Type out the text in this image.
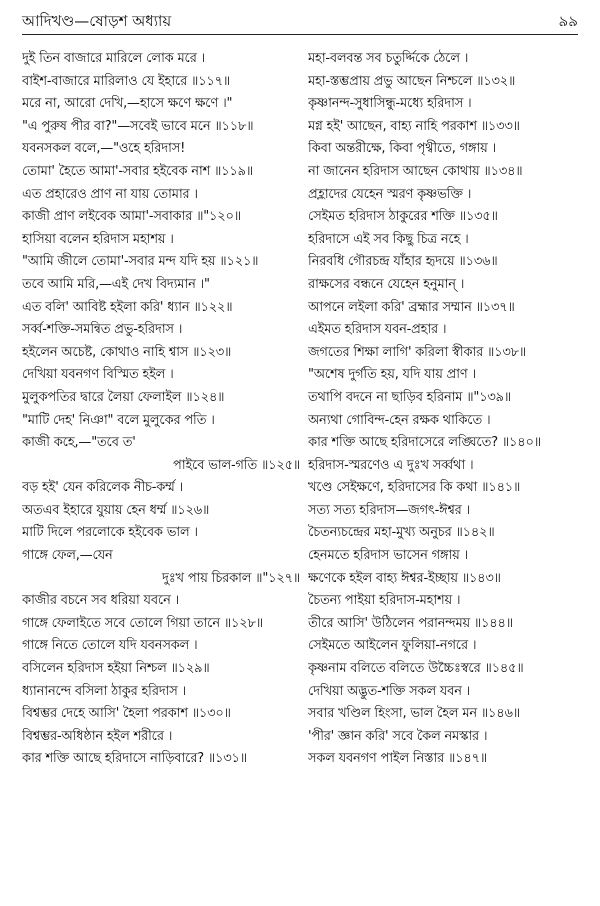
আদিখণ্ড—ষোড়শ অধ্যায়	৯৯
দুই তিন বাজারে মারিলে লোক মরে ।
বাইশ-বাজারে মারিলাও যে ইহারে ॥১১৭॥
মরে না, আরো দেখি,—হাসে ক্ষণে ক্ষণে ।"
"এ পুরুষ পীর বা?"—সবেই ভাবে মনে ॥১১৮॥
যবনসকল বলে,—"ওহে হরিদাস!
তোমা' হৈতে আমা'-সবার হইবেক নাশ ॥১১৯॥
এত প্রহারেও প্রাণ না যায় তোমার ।
কাজী প্রাণ লইবেক আমা'-সবাকার ॥"১২০॥
হাসিয়া বলেন হরিদাস মহাশয় ।
"আমি জীলে তোমা'-সবার মন্দ যদি হয় ॥১২১॥
তবে আমি মরি,—এই দেখ বিদ্যমান ।"
এত বলি' আবিষ্ট হইলা করি' ধ্যান ॥১২২॥
সর্ব্ব-শক্তি-সমন্বিত প্রভু-হরিদাস ।
হইলেন অচেষ্ট, কোথাও নাহি শ্বাস ॥১২৩॥
দেখিয়া যবনগণ বিস্মিত হইল ।
মুলুকপতির দ্বারে লৈয়া ফেলাইল ॥১২৪॥
"মাটি দেহ' নিঞা" বলে মুলুকের পতি ।
কাজী কহে,—"তবে ত'
পাইবে ভাল-গতি ॥১২৫॥
বড় হই' যেন করিলেক নীচ-কর্ম্ম ।
অতএব ইহারে যুয়ায় হেন ধর্ম্ম ॥১২৬॥
মাটি দিলে পরলোকে হইবেক ভাল ।
গাঙ্গে ফেল,—যেন
দুঃখ পায় চিরকাল ॥"১২৭॥
কাজীর বচনে সব ধরিয়া যবনে ।
গাঙ্গে ফেলাইতে সবে তোলে গিয়া তানে ॥১২৮॥
গাঙ্গে নিতে তোলে যদি যবনসকল ।
বসিলেন হরিদাস হইয়া নিশ্চল ॥১২৯॥
ধ্যানানন্দে বসিলা ঠাকুর হরিদাস ।
বিশ্বম্ভর দেহে আসি' হৈলা পরকাশ ॥১৩০॥
বিশ্বম্ভর-অধিষ্ঠান হইল শরীরে ।
কার শক্তি আছে হরিদাসে নাড়িবারে? ॥১৩১॥
মহা-বলবন্ত সব চতুর্দ্দিকে ঠেলে ।
মহা-স্তম্ভপ্রায় প্রভু আছেন নিশ্চলে ॥১৩২॥
কৃষ্ণানন্দ-সুধাসিন্ধু-মধ্যে হরিদাস ।
মগ্ন হই' আছেন, বাহ্য নাহি পরকাশ ॥১৩৩॥
কিবা অন্তরীক্ষে, কিবা পৃথ্বীতে, গঙ্গায় ।
না জানেন হরিদাস আছেন কোথায় ॥১৩৪॥
প্রহ্লাদের যেহেন স্মরণ কৃষ্ণভক্তি ।
সেইমত হরিদাস ঠাকুরের শক্তি ॥১৩৫॥
হরিদাসে এই সব কিছু চিত্র নহে ।
নিরবধি গৌরচন্দ্র যাঁহার হৃদয়ে ॥১৩৬॥
রাক্ষসের বন্ধনে যেহেন হনুমান্ ।
আপনে লইলা করি' ব্রহ্মার সম্মান ॥১৩৭॥
এইমত হরিদাস যবন-প্রহার ।
জগতের শিক্ষা লাগি' করিলা স্বীকার ॥১৩৮॥
"অশেষ দুর্গতি হয়, যদি যায় প্রাণ ।
তথাপি বদনে না ছাড়িব হরিনাম ॥"১৩৯॥
অন্যথা গোবিন্দ-হেন রক্ষক থাকিতে ।
কার শক্তি আছে হরিদাসেরে লঙ্ঘিতে? ॥১৪০॥
হরিদাস-স্মরণেও এ দুঃখ সর্ব্বথা ।
খণ্ডে সেইক্ষণে, হরিদাসের কি কথা ॥১৪১॥
সত্য সত্য হরিদাস—জগৎ-ঈশ্বর ।
চৈতন্যচন্দ্রের মহা-মুখ্য অনুচর ॥১৪২॥
হেনমতে হরিদাস ভাসেন গঙ্গায় ।
ক্ষণেকে হইল বাহ্য ঈশ্বর-ইচ্ছায় ॥১৪৩॥
চৈতন্য পাইয়া হরিদাস-মহাশয় ।
তীরে আসি' উঠিলেন পরানন্দময় ॥১৪৪॥
সেইমতে আইলেন ফুলিয়া-নগরে ।
কৃষ্ণনাম বলিতে বলিতে উচ্চৈঃস্বরে ॥১৪৫॥
দেখিয়া অদ্ভুত-শক্তি সকল যবন ।
সবার খণ্ডিল হিংসা, ভাল হৈল মন ॥১৪৬॥
'পীর' জ্ঞান করি' সবে কৈল নমস্কার ।
সকল যবনগণ পাইল নিস্তার ॥১৪৭॥
